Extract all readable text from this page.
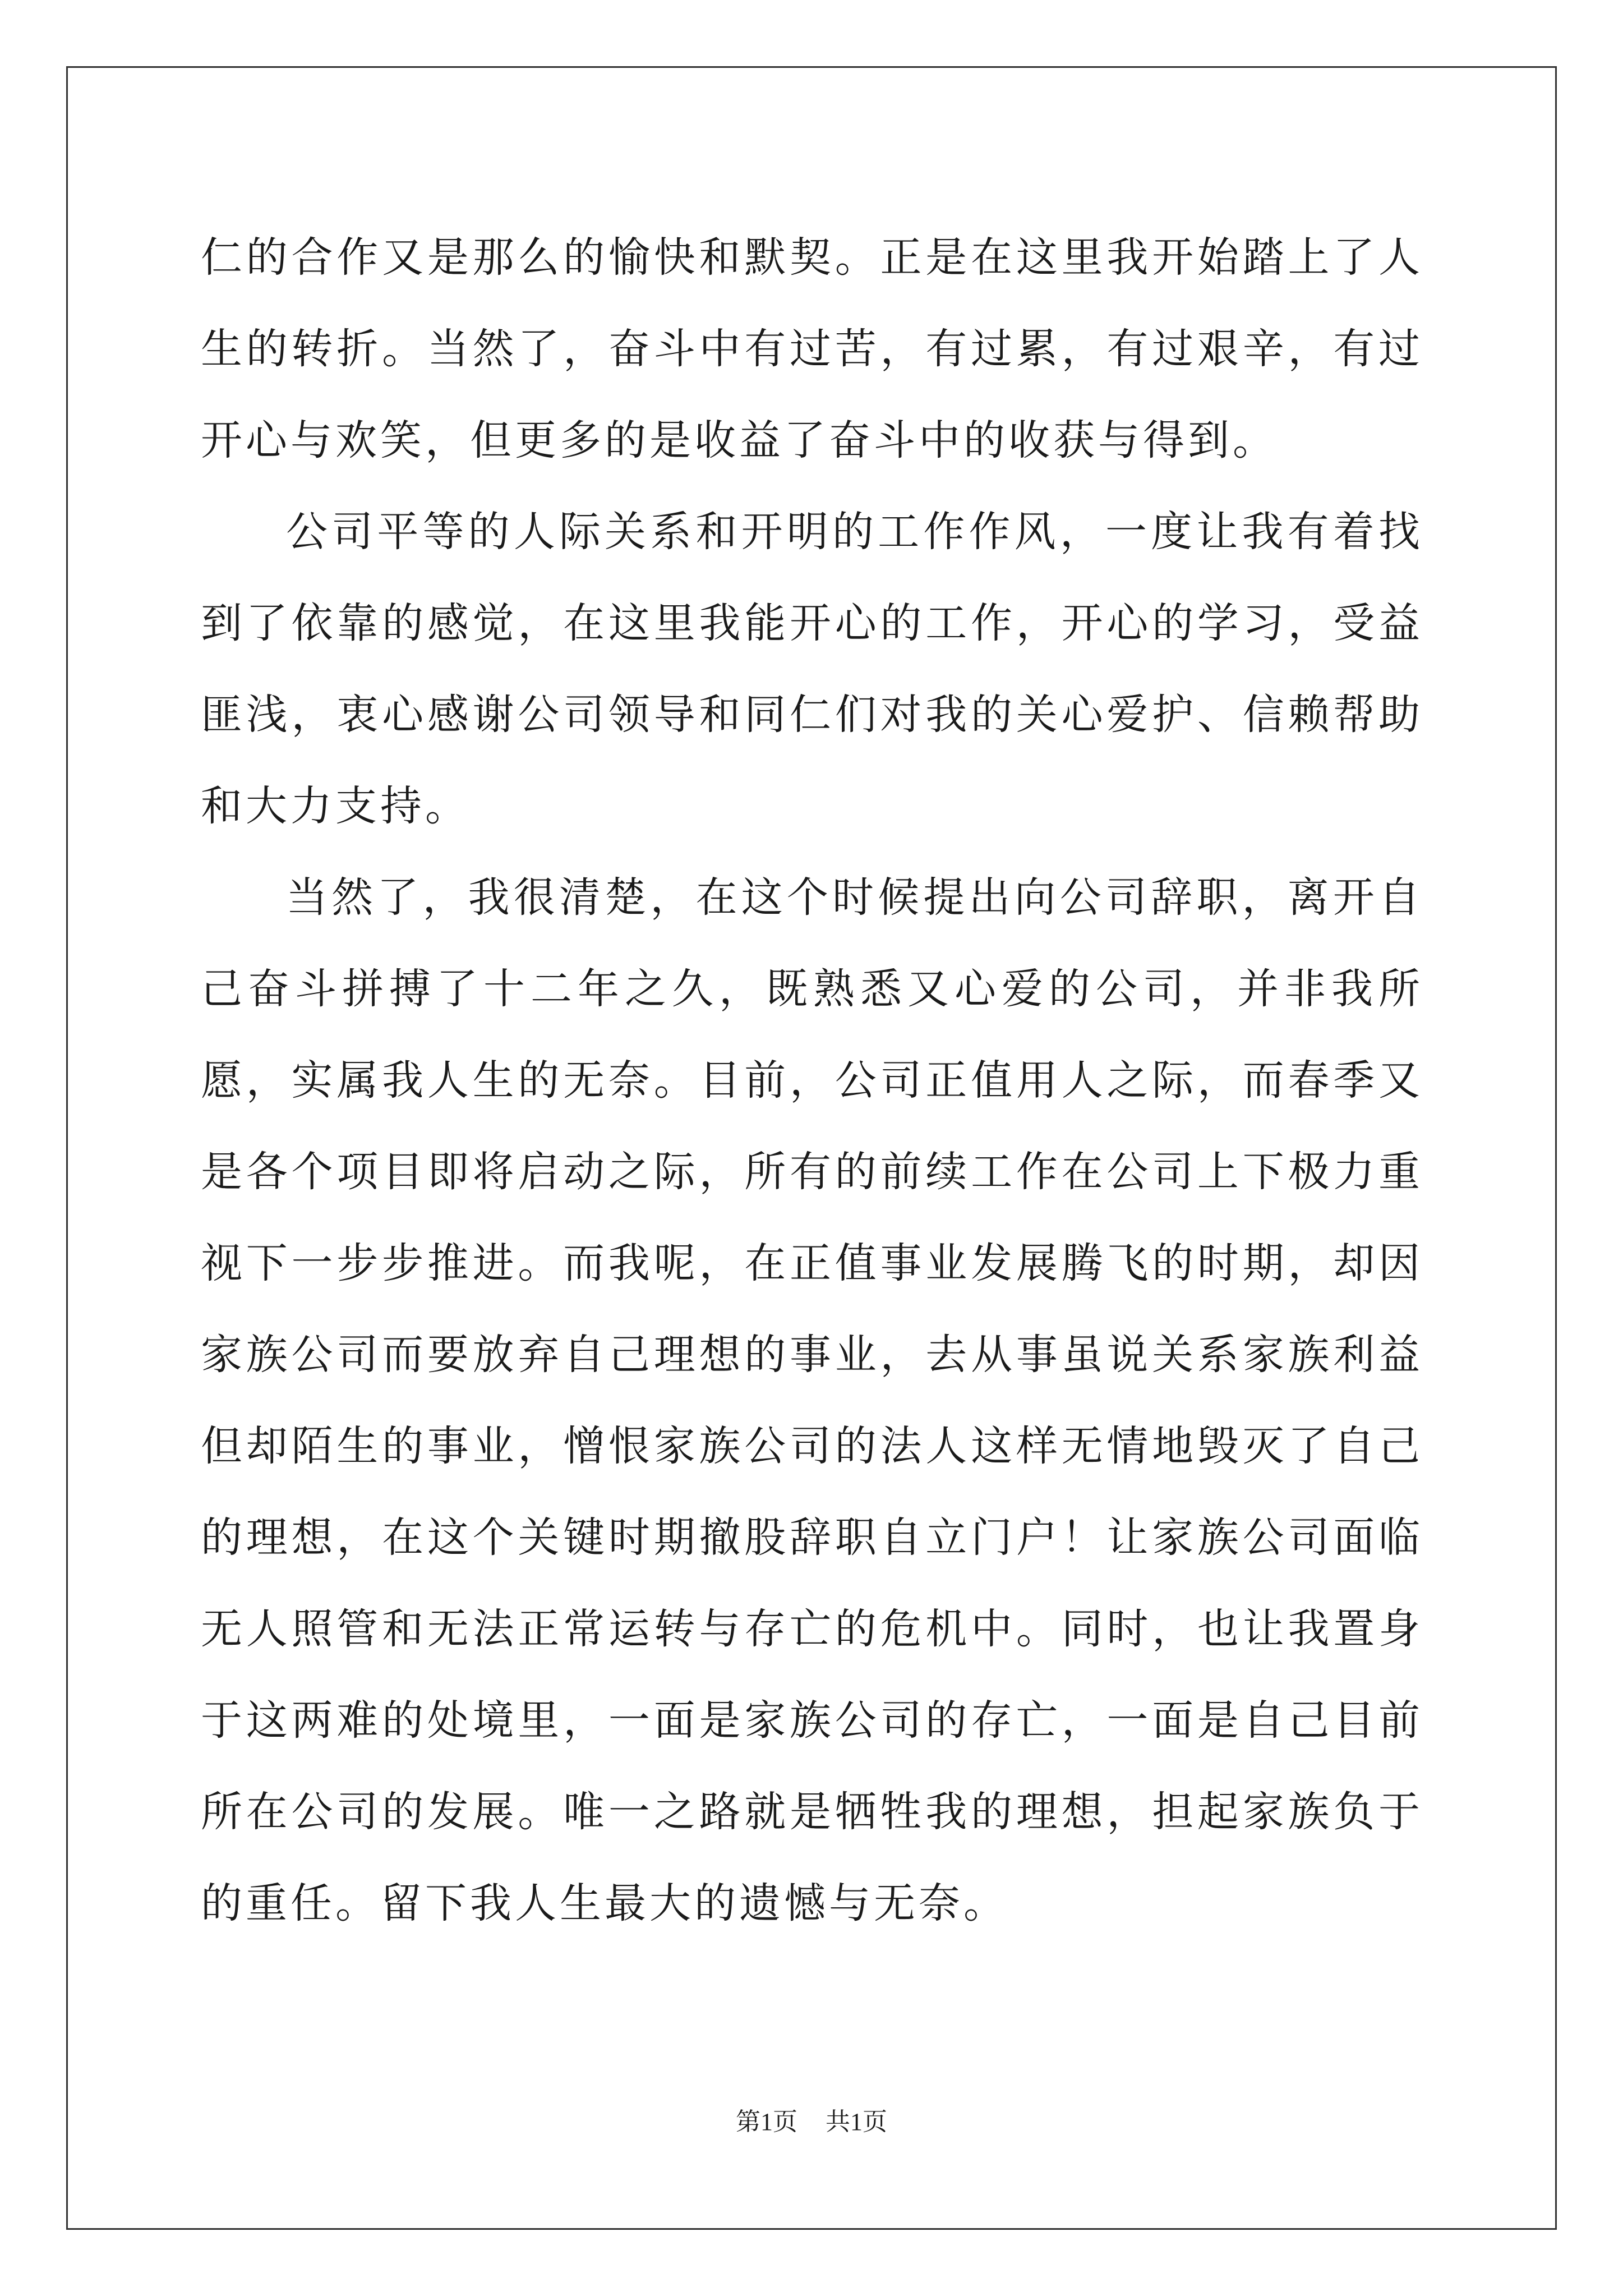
仁的合作又是那么的愉快和默契。正是在这里我开始踏上了人生的转折。当然了，奋斗中有过苦，有过累，有过艰辛，有过开心与欢笑，但更多的是收益了奋斗中的收获与得到。

公司平等的人际关系和开明的工作作风，一度让我有着找到了依靠的感觉，在这里我能开心的工作，开心的学习，受益匪浅，衷心感谢公司领导和同仁们对我的关心爱护、信赖帮助和大力支持。

当然了，我很清楚，在这个时候提出向公司辞职，离开自己奋斗拼搏了十二年之久，既熟悉又心爱的公司，并非我所愿，实属我人生的无奈。目前，公司正值用人之际，而春季又是各个项目即将启动之际，所有的前续工作在公司上下极力重视下一步步推进。而我呢，在正值事业发展腾飞的时期，却因家族公司而要放弃自己理想的事业，去从事虽说关系家族利益但却陌生的事业，憎恨家族公司的法人这样无情地毁灭了自己的理想，在这个关键时期撤股辞职自立门户！让家族公司面临无人照管和无法正常运转与存亡的危机中。同时，也让我置身于这两难的处境里，一面是家族公司的存亡，一面是自己目前所在公司的发展。唯一之路就是牺牲我的理想，担起家族负于的重任。留下我人生最大的遗憾与无奈。

第1页 共1页
